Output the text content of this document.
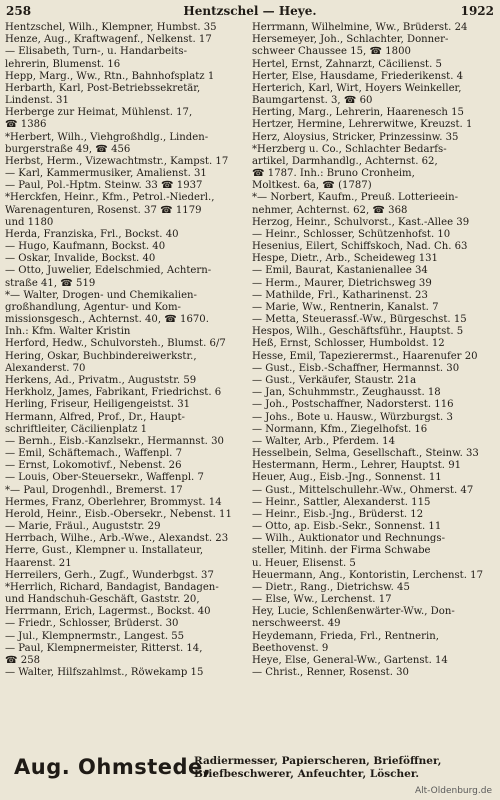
258	Hentzschel — Heye.	1922
Hentzschel, Wilh., Klempner, Humbst. 35
Henze, Aug., Kraftwagenf., Nelkenst. 17
— Elisabeth, Turn-, u. Handarbeits-
lehrerin, Blumenst. 16
Hepp, Marg., Ww., Rtn., Bahnhofsplatz 1
Herbarth, Karl, Post-Betriebssekretär,
Lindenst. 31
Herberge zur Heimat, Mühlenst. 17,
☎ 1386
*Herbert, Wilh., Viehgroßhdlg., Linden-
burgerstraße 49, ☎ 456
Herbst, Herm., Vizewachtmstr., Kampst. 17
— Karl, Kammermusiker, Amalienst. 31
— Paul, Pol.-Hptm. Steinw. 33 ☎ 1937
*Herckfen, Heinr., Kfm., Petrol.-Niederl.,
Warenagenturen, Rosenst. 37 ☎ 1179
und 1180
Herda, Franziska, Frl., Bockst. 40
— Hugo, Kaufmann, Bockst. 40
— Oskar, Invalide, Bockst. 40
— Otto, Juwelier, Edelschmied, Achtern-
straße 41, ☎ 519
*— Walter, Drogen- und Chemikalien-
großhandlung, Agentur- und Kom-
missionsgesch., Achternst. 40, ☎ 1670.
Inh.: Kfm. Walter Kristin
Herford, Hedw., Schulvorsteh., Blumst. 6/7
Hering, Oskar, Buchbindereiwerkstr.,
Alexanderst. 70
Herkens, Ad., Privatm., Auguststr. 59
Herkholz, James, Fabrikant, Friedrichst. 6
Herling, Friseur, Heiligengeistst. 31
Hermann, Alfred, Prof., Dr., Haupt-
schriftleiter, Cäcilienplatz 1
— Bernh., Eisb.-Kanzlsekr., Hermannst. 30
— Emil, Schäftemach., Waffenpl. 7
— Ernst, Lokomotivf., Nebenst. 26
— Louis, Ober-Steuersekr., Waffenpl. 7
*— Paul, Drogenhdl., Bremerst. 17
Hermes, Franz, Oberlehrer, Brommyst. 14
Herold, Heinr., Eisb.-Obersekr., Nebenst. 11
— Marie, Fräul., Auguststr. 29
Herrbach, Wilhe., Arb.-Wwe., Alexandst. 23
Herre, Gust., Klempner u. Installateur,
Haarenst. 21
Herreilers, Gerh., Zugf., Wunderbgst. 37
*Herrlich, Richard, Bandagist, Bandagen-
und Handschuh-Geschäft, Gaststr. 20,
Herrmann, Erich, Lagermst., Bockst. 40
— Friedr., Schlosser, Brüderst. 30
— Jul., Klempnermstr., Langest. 55
— Paul, Klempnermeister, Ritterst. 14,
☎ 258
— Walter, Hilfszahlmst., Röwekamp 15
Herrmann, Wilhelmine, Ww., Brüderst. 24
Hersemeyer, Joh., Schlachter, Donner-
schweer Chaussee 15, ☎ 1800
Hertel, Ernst, Zahnarzt, Cäcilienst. 5
Herter, Else, Hausdame, Friederikenst. 4
Herterich, Karl, Wirt, Hoyers Weinkeller,
Baumgartenst. 3, ☎ 60
Herting, Marg., Lehrerin, Haarenesch 15
Hertzer, Hermine, Lehrerwitwe, Kreuzst. 1
Herz, Aloysius, Stricker, Prinzessinw. 35
*Herzberg u. Co., Schlachter Bedarfs-
artikel, Darmhandlg., Achternst. 62,
☎ 1787. Inh.: Bruno Cronheim,
Moltkest. 6a, ☎ (1787)
*— Norbert, Kaufm., Preuß. Lotterieein-
nehmer, Achternst. 62, ☎ 368
Herzog, Heinr., Schulvorst., Kast.-Allee 39
— Heinr., Schlosser, Schützenhofst. 10
Hesenius, Eilert, Schiffskoch, Nad. Ch. 63
Hespe, Dietr., Arb., Scheideweg 131
— Emil, Baurat, Kastanienallee 34
— Herm., Maurer, Dietrichsweg 39
— Mathilde, Frl., Katharinenst. 23
— Marie, Ww., Rentnerin, Kanalst. 7
— Metta, Steuerassf.-Ww., Bürgeschst. 15
Hespos, Wilh., Geschäftsführ., Hauptst. 5
Heß, Ernst, Schlosser, Humboldst. 12
Hesse, Emil, Tapezierermst., Haarenufer 20
— Gust., Eisb.-Schaffner, Hermannst. 30
— Gust., Verkäufer, Staustr. 21a
— Jan, Schuhmmstr., Zeughausst. 18
— Joh., Postschaffner, Nadorsterst. 116
— Johs., Bote u. Hausw., Würzburgst. 3
— Normann, Kfm., Ziegelhofst. 16
— Walter, Arb., Pferdem. 14
Hesselbein, Selma, Gesellschaft., Steinw. 33
Hestermann, Herm., Lehrer, Hauptst. 91
Heuer, Aug., Eisb.-Jng., Sonnenst. 11
— Gust., Mittelschullehr.-Ww., Ohmerst. 47
— Heinr., Sattler, Alexanderst. 115
— Heinr., Eisb.-Jng., Brüderst. 12
— Otto, ap. Eisb.-Sekr., Sonnenst. 11
— Wilh., Auktionator und Rechnungs-
steller, Mitinh. der Firma Schwabe
u. Heuer, Elisenst. 5
Heuermann, Ang., Kontoristin, Lerchenst. 17
— Dietr., Rang., Dietrichsw. 45
— Else, Ww., Lerchenst. 17
Hey, Lucie, Schlenßenwärter-Ww., Don-
nerschweerst. 49
Heydemann, Frieda, Frl., Rentnerin,
Beethovenst. 9
Heye, Else, General-Ww., Gartenst. 14
— Christ., Renner, Rosenst. 30
Aug. Ohmstede,
Radiermesser, Papierscheren, Brieföffner,
Briefbeschwerer, Anfeuchter, Löscher.
Alt-Oldenburg.de
